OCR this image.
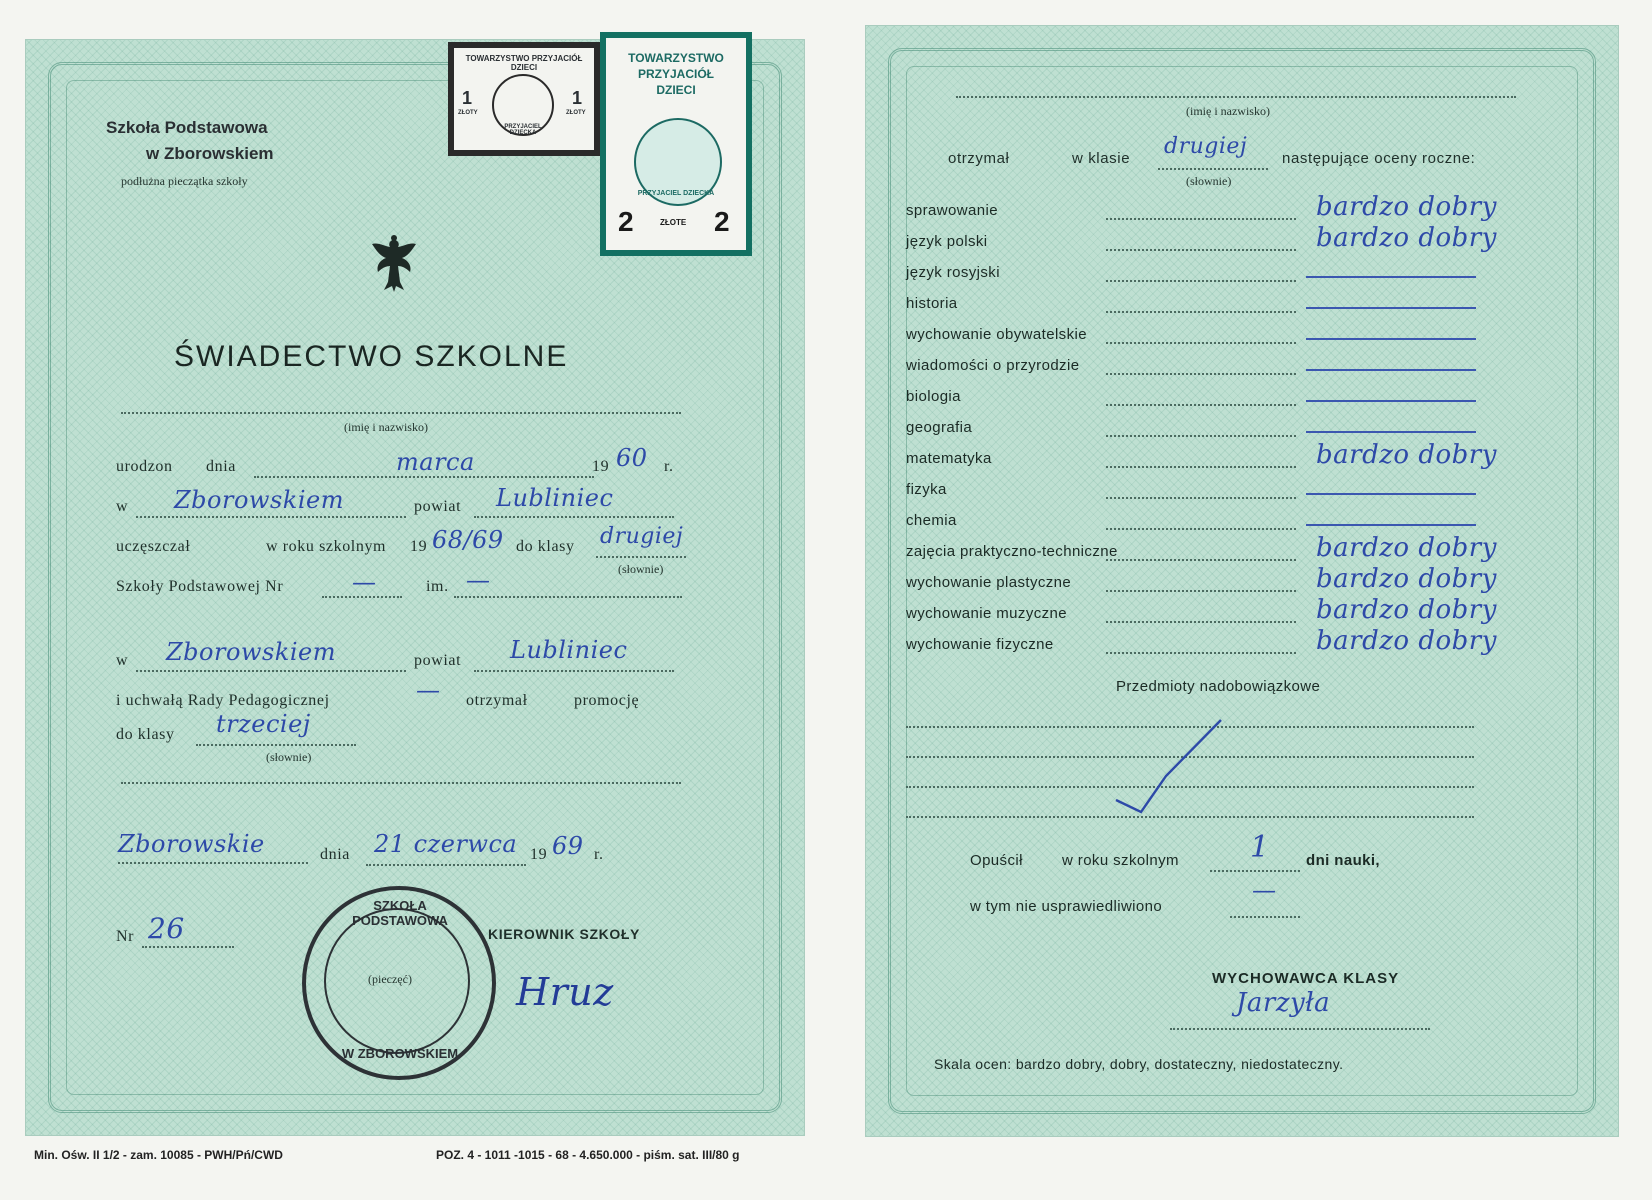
Szkoła Podstawowa
w Zborowskiem
podłużna pieczątka szkoły
ŚWIADECTWO SZKOLNE
(imię i nazwisko)
urodzon dnia	marca	19 60 r.
w Zborowskiem	powiat Lubliniec
uczęszczał	w roku szkolnym 19 68/69 do klasy drugiej
(słownie)
Szkoły Podstawowej Nr	—	im. —
w Zborowskiem	powiat Lubliniec
i uchwałą Rady Pedagogicznej	— otrzymał	promocję
do klasy trzeciej
(słownie)
Zborowskie	dnia 21 czerwca 19 69 r.
Nr 26	KIEROWNIK SZKOŁY
Hruz
SZKOŁA PODSTAWOWA
(pieczęć)
W ZBOROWSKIEM
TOWARZYSTWO PRZYJACIÓŁ DZIECI
1
ZŁOTY
1
ZŁOTY
PRZYJACIEL DZIECKA
TOWARZYSTWO
PRZYJACIÓŁ
DZIECI
PRZYJACIEL DZIECKA
2	ZŁOTE 2
(imię i nazwisko)
otrzymał	w klasie drugiej
(słownie)
następujące oceny roczne:
sprawowanie	bardzo dobry
język polski	bardzo dobry
język rosyjski
historia
wychowanie obywatelskie
wiadomości o przyrodzie
biologia
geografia
matematyka	bardzo dobry
fizyka
chemia
zajęcia praktyczno-techniczne	bardzo dobry
wychowanie plastyczne	bardzo dobry
wychowanie muzyczne	bardzo dobry
wychowanie fizyczne	bardzo dobry
Przedmioty nadobowiązkowe
Opuścił	w roku szkolnym 1 dni nauki,
w tym nie usprawiedliwiono
—
WYCHOWAWCA KLASY
Jarzyła
Skala ocen: bardzo dobry, dobry, dostateczny, niedostateczny.
Min. Ośw. II 1/2 - zam. 10085 - PWH/Pń/CWD	POZ. 4 - 1011 -1015 - 68 - 4.650.000 - piśm. sat. III/80 g
